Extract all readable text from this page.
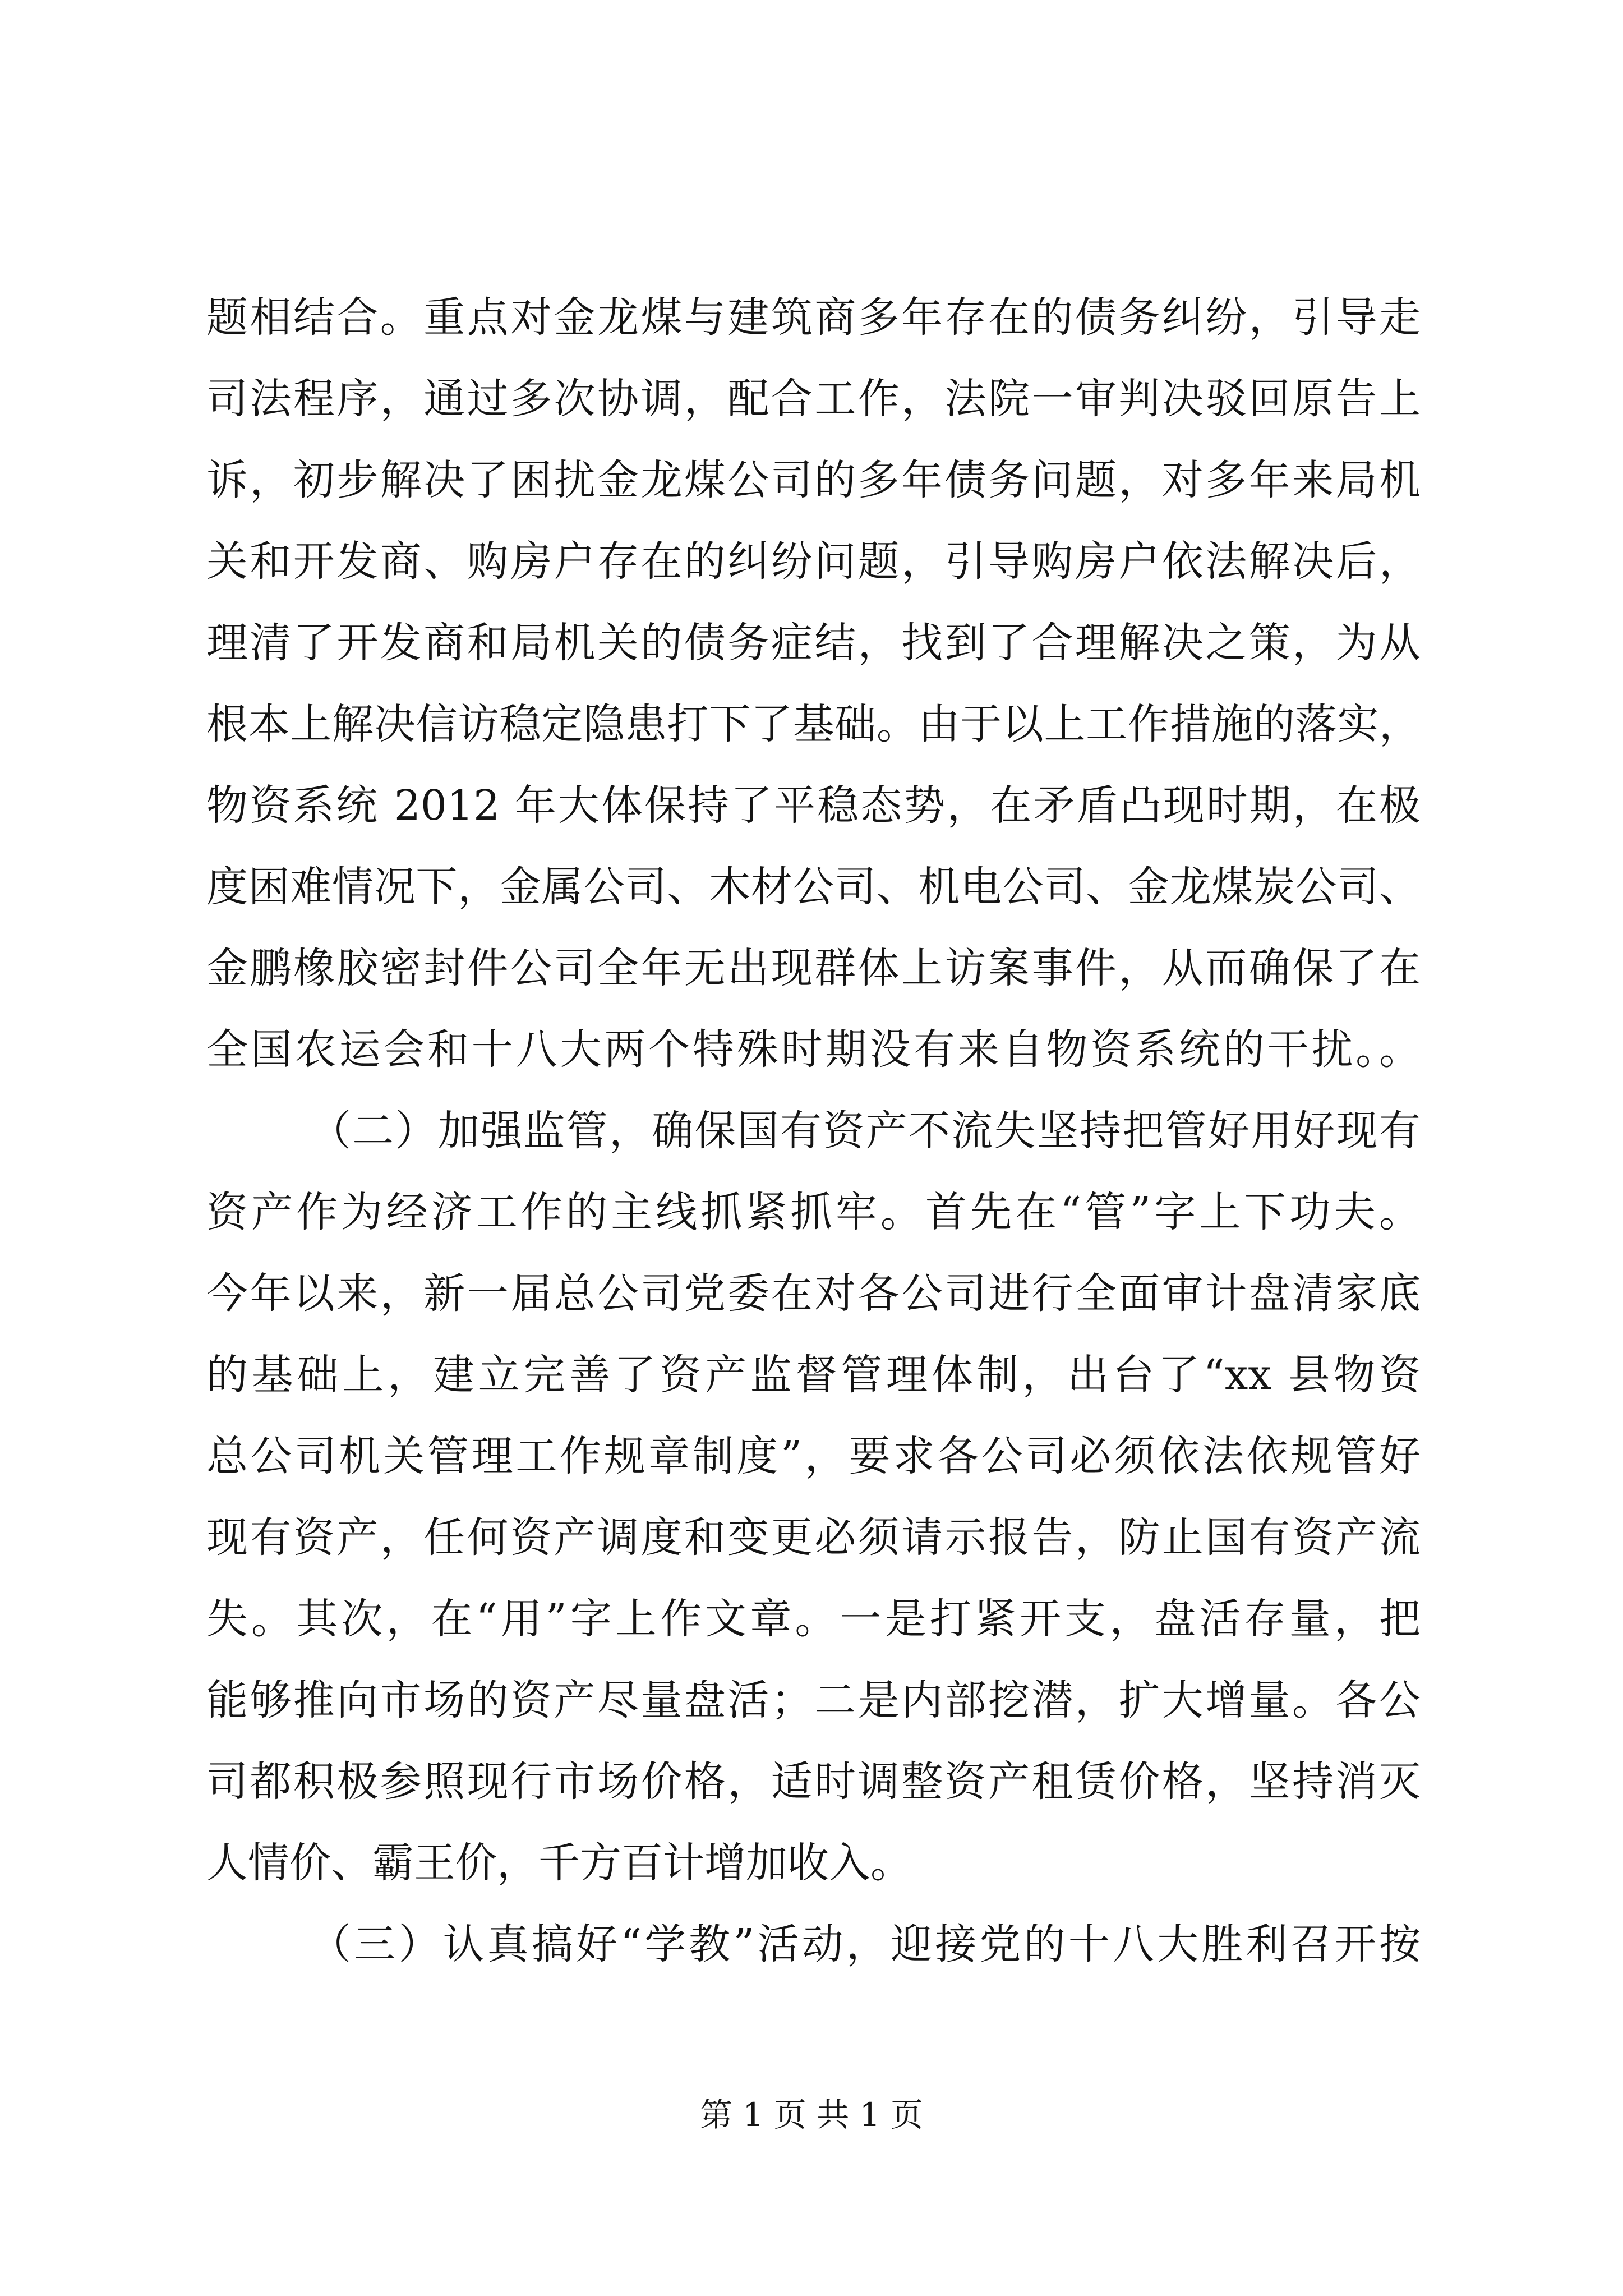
题相结合。重点对金龙煤与建筑商多年存在的债务纠纷，引导走
司法程序，通过多次协调，配合工作，法院一审判决驳回原告上
诉，初步解决了困扰金龙煤公司的多年债务问题，对多年来局机
关和开发商、购房户存在的纠纷问题，引导购房户依法解决后，
理清了开发商和局机关的债务症结，找到了合理解决之策，为从
根本上解决信访稳定隐患打下了基础。由于以上工作措施的落实，
物资系统 2012 年大体保持了平稳态势，在矛盾凸现时期，在极
度困难情况下，金属公司、木材公司、机电公司、金龙煤炭公司、
金鹏橡胶密封件公司全年无出现群体上访案事件，从而确保了在
全国农运会和十八大两个特殊时期没有来自物资系统的干扰。。
（二）加强监管，确保国有资产不流失坚持把管好用好现有
资产作为经济工作的主线抓紧抓牢。首先在“管”字上下功夫。
今年以来，新一届总公司党委在对各公司进行全面审计盘清家底
的基础上，建立完善了资产监督管理体制，出台了“xx 县物资
总公司机关管理工作规章制度”，要求各公司必须依法依规管好
现有资产，任何资产调度和变更必须请示报告，防止国有资产流
失。其次，在“用”字上作文章。一是打紧开支，盘活存量，把
能够推向市场的资产尽量盘活；二是内部挖潜，扩大增量。各公
司都积极参照现行市场价格，适时调整资产租赁价格，坚持消灭
人情价、霸王价，千方百计增加收入。
（三）认真搞好“学教”活动，迎接党的十八大胜利召开按
第 1 页 共 1 页
